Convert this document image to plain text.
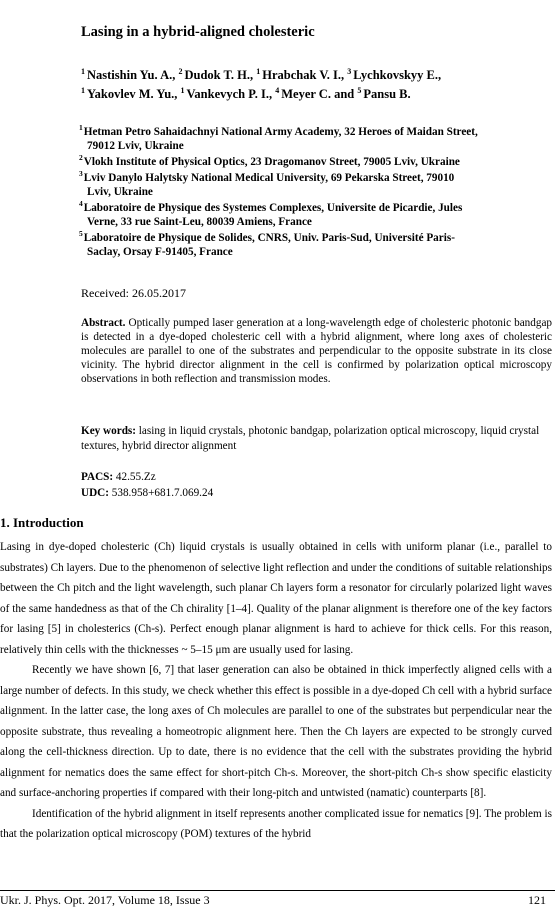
Lasing in a hybrid-aligned cholesteric
$^1$ Nastishin Yu. A., $^2$ Dudok T. H., $^1$ Hrabchak V. I., $^3$ Lychkovskyy E.,
$^1$ Yakovlev M. Yu., $^1$ Vankevych P. I., $^4$ Meyer C. and $^5$ Pansu B.
$^1$Hetman Petro Sahaidachnyi National Army Academy, 32 Heroes of Maidan Street,
79012 Lviv, Ukraine
$^2$Vlokh Institute of Physical Optics, 23 Dragomanov Street, 79005 Lviv, Ukraine
$^3$Lviv Danylo Halytsky National Medical University, 69 Pekarska Street, 79010
Lviv, Ukraine
$^4$Laboratoire de Physique des Systemes Complexes, Universite de Picardie, Jules
Verne, 33 rue Saint-Leu, 80039 Amiens, France
$^5$Laboratoire de Physique de Solides, CNRS, Univ. Paris-Sud, Université Paris-
Saclay, Orsay F-91405, France
Received: 26.05.2017
Abstract. Optically pumped laser generation at a long-wavelength edge of cholesteric photonic bandgap is detected in a dye-doped cholesteric cell with a hybrid alignment, where long axes of cholesteric molecules are parallel to one of the substrates and perpendicular to the opposite substrate in its close vicinity. The hybrid director alignment in the cell is confirmed by polarization optical microscopy observations in both reflection and transmission modes.
Key words: lasing in liquid crystals, photonic bandgap, polarization optical microscopy, liquid crystal textures, hybrid director alignment
PACS: 42.55.Zz
UDC: 538.958+681.7.069.24
1. Introduction

Lasing in dye-doped cholesteric (Ch) liquid crystals is usually obtained in cells with uniform planar (i.e., parallel to substrates) Ch layers. Due to the phenomenon of selective light reflection and under the conditions of suitable relationships between the Ch pitch and the light wavelength, such planar Ch layers form a resonator for circularly polarized light waves of the same handedness as that of the Ch chirality [1–4]. Quality of the planar alignment is therefore one of the key factors for lasing [5] in cholesterics (Ch-s). Perfect enough planar alignment is hard to achieve for thick cells. For this reason, relatively thin cells with the thicknesses ~ 5–15 μm are usually used for lasing.

Recently we have shown [6, 7] that laser generation can also be obtained in thick imperfectly aligned cells with a large number of defects. In this study, we check whether this effect is possible in a dye-doped Ch cell with a hybrid surface alignment. In the latter case, the long axes of Ch molecules are parallel to one of the substrates but perpendicular near the opposite substrate, thus revealing a homeotropic alignment here. Then the Ch layers are expected to be strongly curved along the cell-thickness direction. Up to date, there is no evidence that the cell with the substrates providing the hybrid alignment for nematics does the same effect for short-pitch Ch-s. Moreover, the short-pitch Ch-s show specific elasticity and surface-anchoring properties if compared with their long-pitch and untwisted (namatic) counterparts [8].

Identification of the hybrid alignment in itself represents another complicated issue for nematics [9]. The problem is that the polarization optical microscopy (POM) textures of the hybrid

Ukr. J. Phys. Opt. 2017, Volume 18, Issue 3	121
